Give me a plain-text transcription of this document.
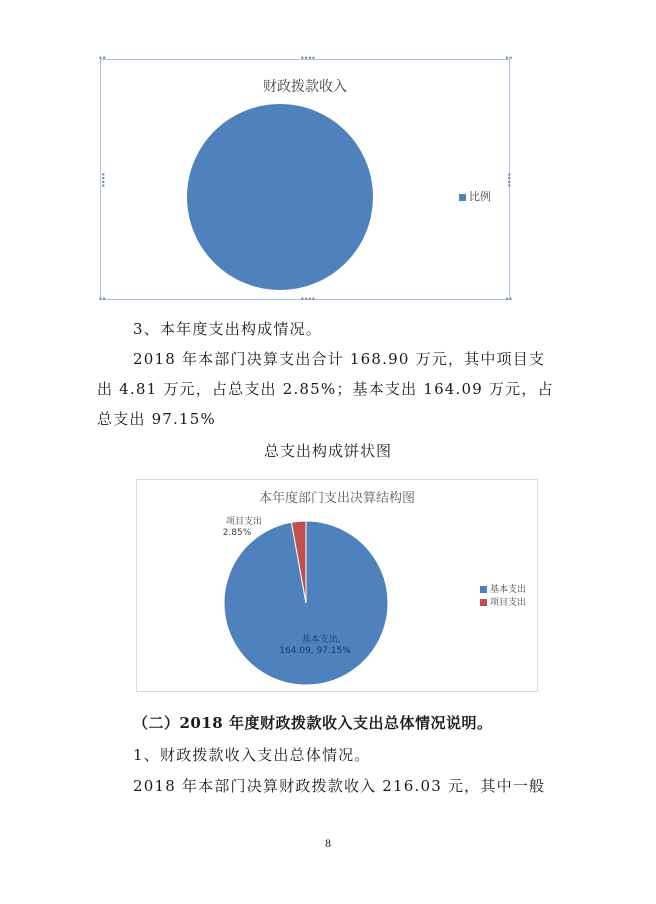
••••
••••
••••	••••
••	••
••	••
财政拨款收入
比例
3、本年度支出构成情况。
2018 年本部门决算支出合计 168.90 万元，其中项目支
出 4.81 万元，占总支出 2.85%；基本支出 164.09 万元，占
总支出 97.15%
总支出构成饼状图
本年度部门支出决算结构图
项目支出
2.85%
基本支出,
164.09, 97.15%
基本支出
项目支出
（二）2018 年度财政拨款收入支出总体情况说明。
1、财政拨款收入支出总体情况。
2018 年本部门决算财政拨款收入 216.03 元，其中一般
8
